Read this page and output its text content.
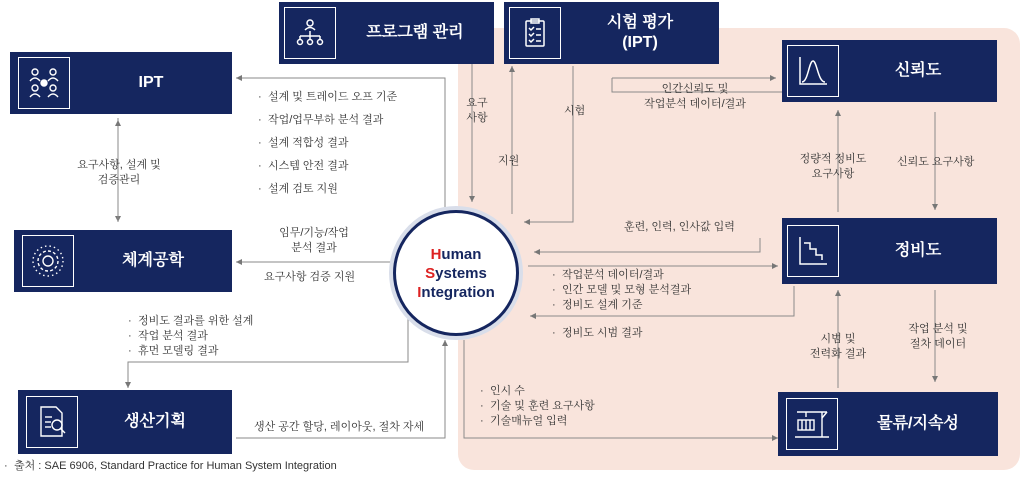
프로그램 관리
시험 평가
(IPT)
IPT
신뢰도
체계공학
정비도
생산기획	물류/지속성
Human
Systems
Integration
· 설계 및 트레이드 오프 기준
· 작업/업무부하 분석 결과
· 설계 적합성 결과
· 시스템 안전 결과
· 설계 검토 지원
요구
사항
지원
시험
인간신뢰도 및
작업분석 데이터/결과
요구사항, 설계 및
검증관리
정량적 정비도
요구사항
신뢰도 요구사항
임무/기능/작업
분석 결과
요구사항 검증 지원
훈련, 인력, 인사값 입력
· 작업분석 데이터/결과
· 인간 모델 및 모형 분석결과
· 정비도 설계 기준
· 정비도 시범 결과
· 정비도 결과를 위한 설계
· 작업 분석 결과
· 휴먼 모델링 결과
시범 및
전력화 결과
작업 분석 및
절차 데이터
· 인시 수
· 기술 및 훈련 요구사항
· 기술매뉴얼 입력
생산 공간 할당, 레이아웃, 절차 자세
· 출처 : SAE 6906, Standard Practice for Human System Integration
